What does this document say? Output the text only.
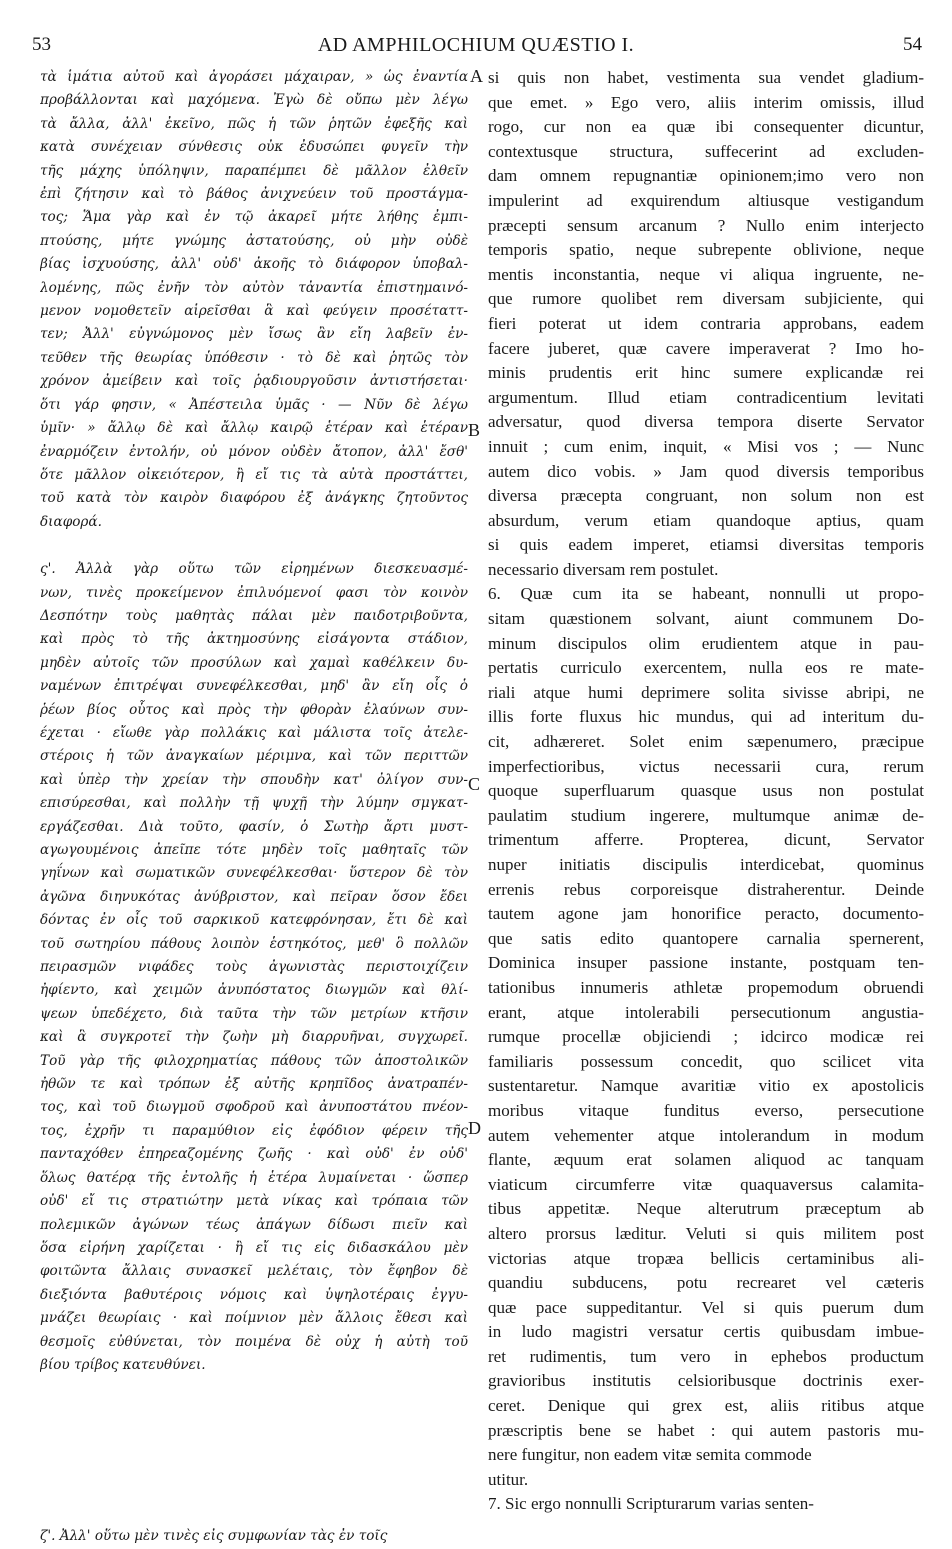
53	AD AMPHILOCHIUM QUÆSTIO I.	54
A
B
C
D
τὰ ἱμάτια αὐτοῦ καὶ ἀγοράσει μάχαιραν, » ὡς ἐναντία
προβάλλονται καὶ μαχόμενα. Ἐγὼ δὲ οὔπω μὲν λέγω
τὰ ἄλλα, ἀλλ' ἐκεῖνο, πῶς ἡ τῶν ῥητῶν ἐφεξῆς καὶ
κατὰ συνέχειαν σύνθεσις οὐκ ἐδυσώπει φυγεῖν τὴν
τῆς μάχης ὑπόληψιν, παραπέμπει δὲ μᾶλλον ἐλθεῖν
ἐπὶ ζήτησιν καὶ τὸ βάθος ἀνιχνεύειν τοῦ προστάγμα-
τος; Ἅμα γὰρ καὶ ἐν τῷ ἀκαρεῖ μήτε λήθης ἐμπι-
πτούσης, μήτε γνώμης ἀστατούσης, οὐ μὴν οὐδὲ
βίας ἰσχυούσης, ἀλλ' οὐδ' ἀκοῆς τὸ διάφορον ὑποβαλ-
λομένης, πῶς ἐνῆν τὸν αὐτὸν τἀναντία ἐπιστημαινό-
μενον νομοθετεῖν αἱρεῖσθαι ἃ καὶ φεύγειν προσέταττ-
τεν; Ἀλλ' εὐγνώμονος μὲν ἴσως ἂν εἴη λαβεῖν ἐν-
τεῦθεν τῆς θεωρίας ὑπόθεσιν · τὸ δὲ καὶ ῥητῶς τὸν
χρόνον ἀμείβειν καὶ τοῖς ῥᾳδιουργοῦσιν ἀντιστήσεται·
ὅτι γάρ φησιν, « Ἀπέστειλα ὑμᾶς · — Νῦν δὲ λέγω
ὑμῖν· » ἄλλῳ δὲ καὶ ἄλλῳ καιρῷ ἑτέραν καὶ ἑτέραν
ἐναρμόζειν ἐντολήν, οὐ μόνον οὐδὲν ἄτοπον, ἀλλ' ἔσθ'
ὅτε μᾶλλον οἰκειότερον, ἢ εἴ τις τὰ αὐτὰ προστάττει,
τοῦ κατὰ τὸν καιρὸν διαφόρου ἐξ ἀνάγκης ζητοῦντος
διαφορά.
ς'. Ἀλλὰ γὰρ οὕτω τῶν εἰρημένων διεσκευασμέ-
νων, τινὲς προκείμενον ἐπιλυόμενοί φασι τὸν κοινὸν
Δεσπότην τοὺς μαθητὰς πάλαι μὲν παιδοτριβοῦντα,
καὶ πρὸς τὸ τῆς ἀκτημοσύνης εἰσάγοντα στάδιον,
μηδὲν αὐτοῖς τῶν προσύλων καὶ χαμαὶ καθέλκειν δυ-
ναμένων ἐπιτρέψαι συνεφέλκεσθαι, μηδ' ἂν εἴη οἷς ὁ
ῥέων βίος οὗτος καὶ πρὸς τὴν φθορὰν ἐλαύνων συν-
έχεται · εἴωθε γὰρ πολλάκις καὶ μάλιστα τοῖς ἀτελε-
στέροις ἡ τῶν ἀναγκαίων μέριμνα, καὶ τῶν περιττῶν
καὶ ὑπὲρ τὴν χρείαν τὴν σπουδὴν κατ' ὀλίγον συν-
επισύρεσθαι, καὶ πολλὴν τῇ ψυχῇ τὴν λύμην σμγκατ-
εργάζεσθαι. Διὰ τοῦτο, φασίν, ὁ Σωτὴρ ἄρτι μυστ-
αγωγουμένοις ἀπεῖπε τότε μηδὲν τοῖς μαθηταῖς τῶν
γηΐνων καὶ σωματικῶν συνεφέλκεσθαι· ὕστερον δὲ τὸν
ἀγῶνα διηνυκότας ἀνύβριστον, καὶ πεῖραν ὅσον ἔδει
δόντας ἐν οἷς τοῦ σαρκικοῦ κατεφρόνησαν, ἔτι δὲ καὶ
τοῦ σωτηρίου πάθους λοιπὸν ἑστηκότος, μεθ' ὃ πολλῶν
πειρασμῶν νιφάδες τοὺς ἀγωνιστὰς περιστοιχίζειν
ἠφίεντο, καὶ χειμῶν ἀνυπόστατος διωγμῶν καὶ θλί-
ψεων ὑπεδέχετο, διὰ ταῦτα τὴν τῶν μετρίων κτῆσιν
καὶ ἃ συγκροτεῖ τὴν ζωὴν μὴ διαρρυῆναι, συγχωρεῖ.
Τοῦ γὰρ τῆς φιλοχρηματίας πάθους τῶν ἀποστολικῶν
ἠθῶν τε καὶ τρόπων ἐξ αὐτῆς κρηπῖδος ἀνατραπέν-
τος, καὶ τοῦ διωγμοῦ σφοδροῦ καὶ ἀνυποστάτου πνέον-
τος, ἐχρῆν τι παραμύθιον εἰς ἐφόδιον φέρειν τῆς
πανταχόθεν ἐπηρεαζομένης ζωῆς · καὶ οὐδ' ἐν οὐδ'
ὅλως θατέρᾳ τῆς ἐντολῆς ἡ ἑτέρα λυμαίνεται · ὥσπερ
οὐδ' εἴ τις στρατιώτην μετὰ νίκας καὶ τρόπαια τῶν
πολεμικῶν ἀγώνων τέως ἀπάγων δίδωσι πιεῖν καὶ
ὅσα εἰρήνη χαρίζεται · ἢ εἴ τις εἰς διδασκάλου μὲν
φοιτῶντα ἄλλαις συνασκεῖ μελέταις, τὸν ἔφηβον δὲ
διεξιόντα βαθυτέροις νόμοις καὶ ὑψηλοτέραις ἐγγυ-
μνάζει θεωρίαις · καὶ ποίμνιον μὲν ἄλλοις ἔθεσι καὶ
θεσμοῖς εὐθύνεται, τὸν ποιμένα δὲ οὐχ ἡ αὐτὴ τοῦ
βίου τρίβος κατευθύνει.
ζ'. Ἀλλ' οὕτω μὲν τινὲς εἰς συμφωνίαν τὰς ἐν τοῖς
si quis non habet, vestimenta sua vendet gladium-
que emet. » Ego vero, aliis interim omissis, illud
rogo, cur non ea quæ ibi consequenter dicuntur,
contextusque structura, suffecerint ad excluden-
dam omnem repugnantiæ opinionem;imo vero non
impulerint ad exquirendum altiusque vestigandum
præcepti sensum arcanum ? Nullo enim interjecto
temporis spatio, neque subrepente oblivione, neque
mentis inconstantia, neque vi aliqua ingruente, ne-
que rumore quolibet rem diversam subjiciente, qui
fieri poterat ut idem contraria approbans, eadem
facere juberet, quæ cavere imperaverat ? Imo ho-
minis prudentis erit hinc sumere explicandæ rei
argumentum. Illud etiam contradicentium levitati
adversatur, quod diversa tempora diserte Servator
innuit ; cum enim, inquit, « Misi vos ; — Nunc
autem dico vobis. » Jam quod diversis temporibus
diversa præcepta congruant, non solum non est
absurdum, verum etiam quandoque aptius, quam
si quis eadem imperet, etiamsi diversitas temporis
necessario diversam rem postulet.
6. Quæ cum ita se habeant, nonnulli ut propo-
sitam quæstionem solvant, aiunt communem Do-
minum discipulos olim erudientem atque in pau-
pertatis curriculo exercentem, nulla eos re mate-
riali atque humi deprimere solita sivisse abripi, ne
illis forte fluxus hic mundus, qui ad interitum du-
cit, adhæreret. Solet enim sæpenumero, præcipue
imperfectioribus, victus necessarii cura, rerum
quoque superfluarum quasque usus non postulat
paulatim studium ingerere, multumque animæ de-
trimentum afferre. Propterea, dicunt, Servator
nuper initiatis discipulis interdicebat, quominus
errenis rebus corporeisque distraherentur. Deinde
tautem agone jam honorifice peracto, documento-
que satis edito quantopere carnalia spernerent,
Dominica insuper passione instante, postquam ten-
tationibus innumeris athletæ propemodum obruendi
erant, atque intolerabili persecutionum angustia-
rumque procellæ objiciendi ; idcirco modicæ rei
familiaris possessum concedit, quo scilicet vita
sustentaretur. Namque avaritiæ vitio ex apostolicis
moribus vitaque funditus everso, persecutione
autem vehementer atque intolerandum in modum
flante, æquum erat solamen aliquod ac tanquam
viaticum circumferre vitæ quaquaversus calamita-
tibus appetitæ. Neque alterutrum præceptum ab
altero prorsus læditur. Veluti si quis militem post
victorias atque tropæa bellicis certaminibus ali-
quandiu subducens, potu recrearet vel cæteris
quæ pace suppeditantur. Vel si quis puerum dum
in ludo magistri versatur certis quibusdam imbue-
ret rudimentis, tum vero in ephebos productum
gravioribus institutis celsioribusque doctrinis exer-
ceret. Denique qui grex est, aliis ritibus atque
præscriptis bene se habet : qui autem pastoris mu-
nere fungitur, non eadem vitæ semita commode
utitur.
7. Sic ergo nonnulli Scripturarum varias senten-
